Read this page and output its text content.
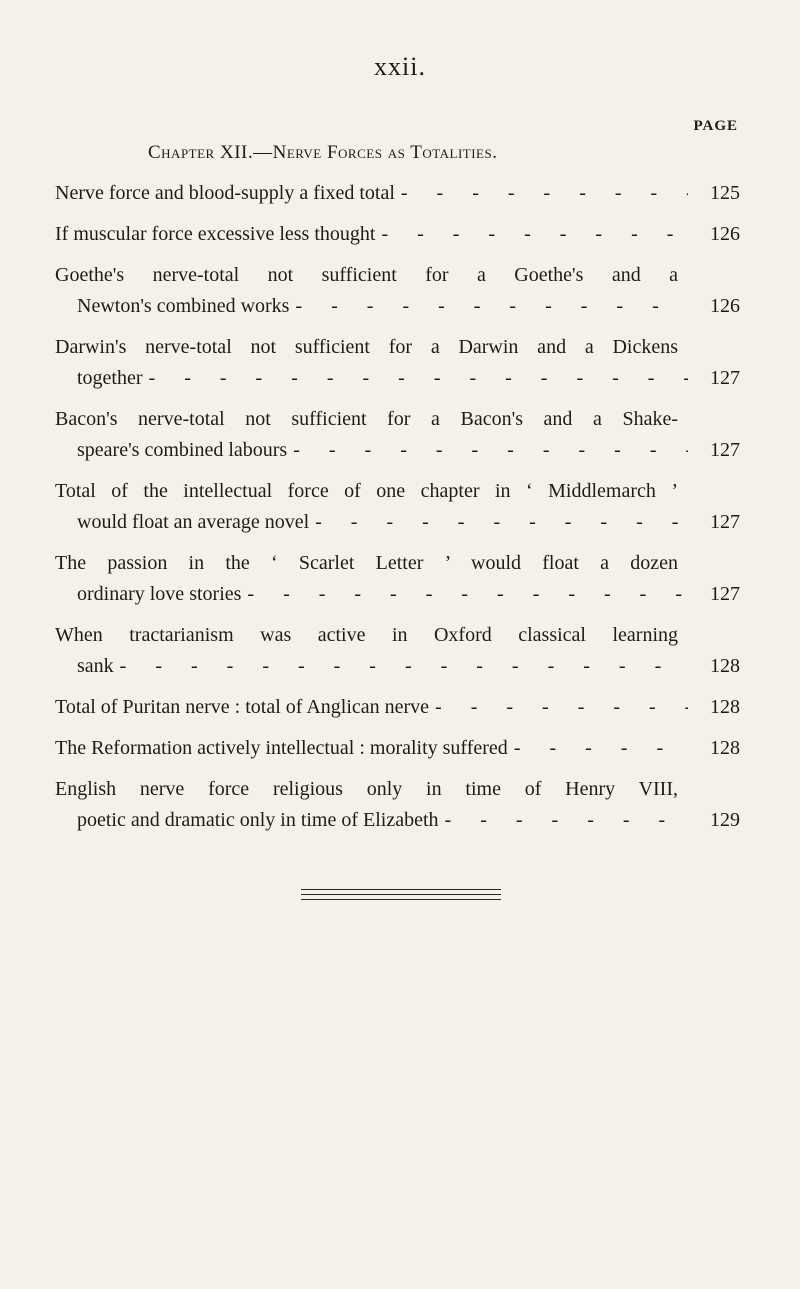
xxii.
PAGE
Chapter XII.—Nerve Forces as Totalities.
Nerve force and blood-supply a fixed total - - -	125
If muscular force excessive less thought - - -	126
Goethe's nerve-total not sufficient for a Goethe's and a
Newton's combined works - - -	126
Darwin's nerve-total not sufficient for a Darwin and a Dickens
together - - -	127
Bacon's nerve-total not sufficient for a Bacon's and a Shake-
speare's combined labours - - -	127
Total of the intellectual force of one chapter in ‘ Middlemarch ’
would float an average novel - - -	127
The passion in the ‘ Scarlet Letter ’ would float a dozen
ordinary love stories - - -	127
When tractarianism was active in Oxford classical learning
sank - - -	128
Total of Puritan nerve : total of Anglican nerve - - -	128
The Reformation actively intellectual : morality suffered - - -	128
English nerve force religious only in time of Henry VIII,
poetic and dramatic only in time of Elizabeth - - -	129
